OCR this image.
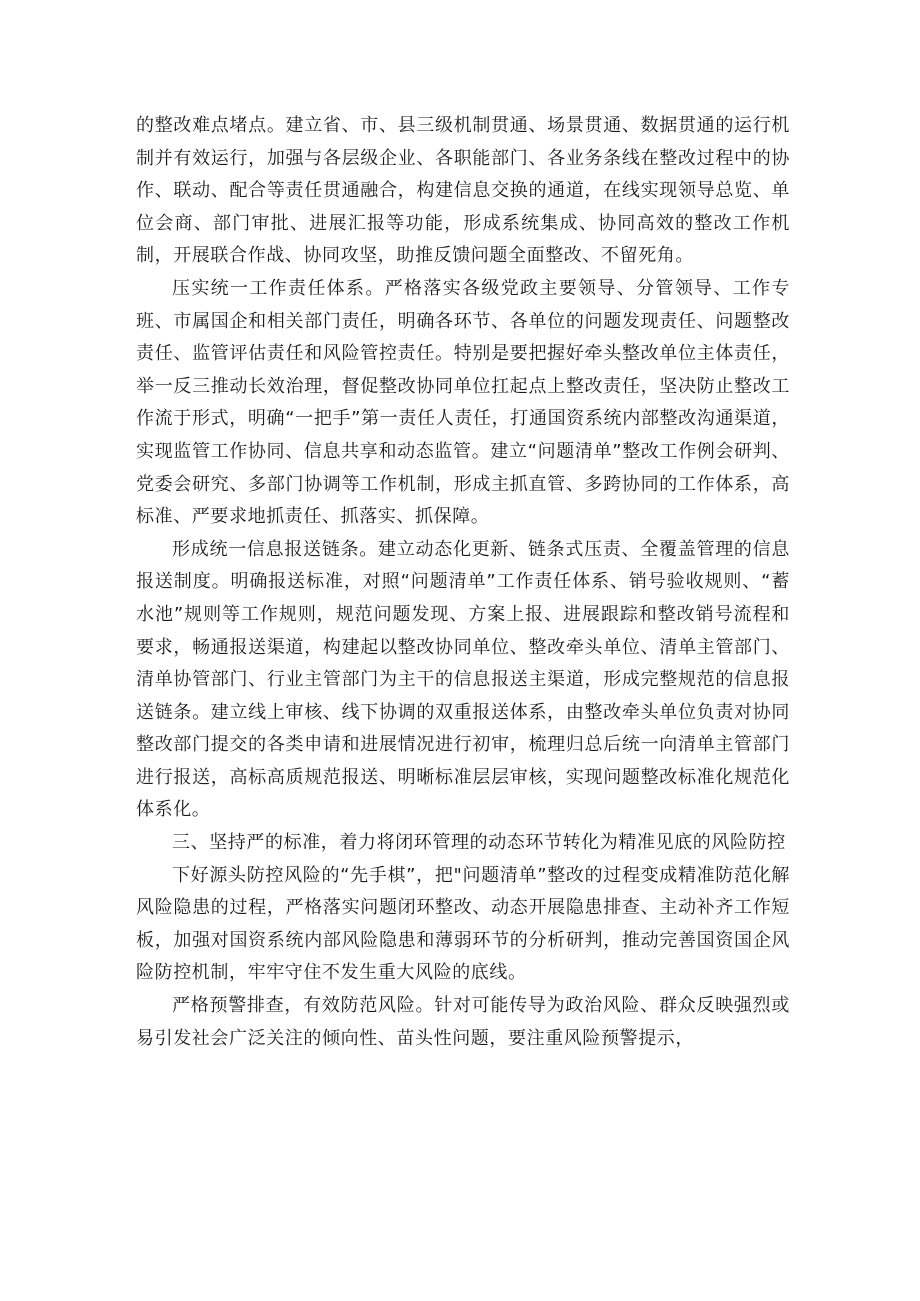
的整改难点堵点。建立省、市、县三级机制贯通、场景贯通、数据贯通的运行机制并有效运行，加强与各层级企业、各职能部门、各业务条线在整改过程中的协作、联动、配合等责任贯通融合，构建信息交换的通道，在线实现领导总览、单位会商、部门审批、进展汇报等功能，形成系统集成、协同高效的整改工作机制，开展联合作战、协同攻坚，助推反馈问题全面整改、不留死角。

压实统一工作责任体系。严格落实各级党政主要领导、分管领导、工作专班、市属国企和相关部门责任，明确各环节、各单位的问题发现责任、问题整改责任、监管评估责任和风险管控责任。特别是要把握好牵头整改单位主体责任，举一反三推动长效治理，督促整改协同单位扛起点上整改责任，坚决防止整改工作流于形式，明确“一把手”第一责任人责任，打通国资系统内部整改沟通渠道，实现监管工作协同、信息共享和动态监管。建立“问题清单”整改工作例会研判、党委会研究、多部门协调等工作机制，形成主抓直管、多跨协同的工作体系，高标准、严要求地抓责任、抓落实、抓保障。

形成统一信息报送链条。建立动态化更新、链条式压责、全覆盖管理的信息报送制度。明确报送标准，对照“问题清单”工作责任体系、销号验收规则、“蓄水池”规则等工作规则，规范问题发现、方案上报、进展跟踪和整改销号流程和要求，畅通报送渠道，构建起以整改协同单位、整改牵头单位、清单主管部门、清单协管部门、行业主管部门为主干的信息报送主渠道，形成完整规范的信息报送链条。建立线上审核、线下协调的双重报送体系，由整改牵头单位负责对协同整改部门提交的各类申请和进展情况进行初审，梳理归总后统一向清单主管部门进行报送，高标高质规范报送、明晰标准层层审核，实现问题整改标准化规范化体系化。

三、坚持严的标准，着力将闭环管理的动态环节转化为精准见底的风险防控

下好源头防控风险的“先手棋”，把"问题清单”整改的过程变成精准防范化解风险隐患的过程，严格落实问题闭环整改、动态开展隐患排查、主动补齐工作短板，加强对国资系统内部风险隐患和薄弱环节的分析研判，推动完善国资国企风险防控机制，牢牢守住不发生重大风险的底线。

严格预警排查，有效防范风险。针对可能传导为政治风险、群众反映强烈或易引发社会广泛关注的倾向性、苗头性问题，要注重风险预警提示，
